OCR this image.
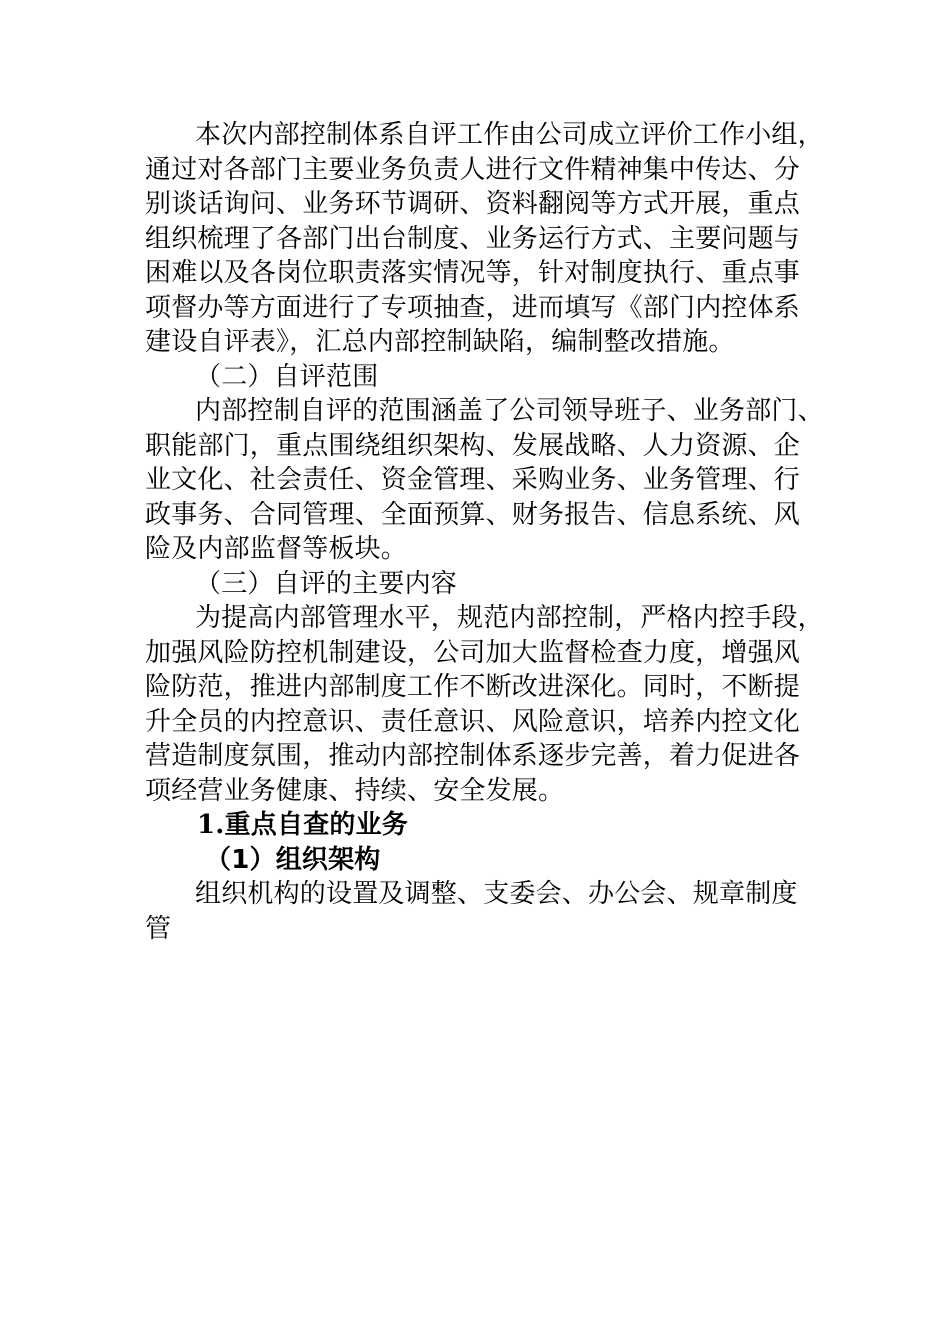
本次内部控制体系自评工作由公司成立评价工作小组，
通过对各部门主要业务负责人进行文件精神集中传达、分
别谈话询问、业务环节调研、资料翻阅等方式开展，重点
组织梳理了各部门出台制度、业务运行方式、主要问题与
困难以及各岗位职责落实情况等，针对制度执行、重点事
项督办等方面进行了专项抽查，进而填写《部门内控体系
建设自评表》，汇总内部控制缺陷，编制整改措施。
（二）自评范围
内部控制自评的范围涵盖了公司领导班子、业务部门、
职能部门，重点围绕组织架构、发展战略、人力资源、企
业文化、社会责任、资金管理、采购业务、业务管理、行
政事务、合同管理、全面预算、财务报告、信息系统、风
险及内部监督等板块。
（三）自评的主要内容
为提高内部管理水平，规范内部控制，严格内控手段，
加强风险防控机制建设，公司加大监督检查力度，增强风
险防范，推进内部制度工作不断改进深化。同时，不断提
升全员的内控意识、责任意识、风险意识，培养内控文化
营造制度氛围，推动内部控制体系逐步完善，着力促进各
项经营业务健康、持续、安全发展。
1.重点自查的业务
（1）组织架构
组织机构的设置及调整、支委会、办公会、规章制度
管
